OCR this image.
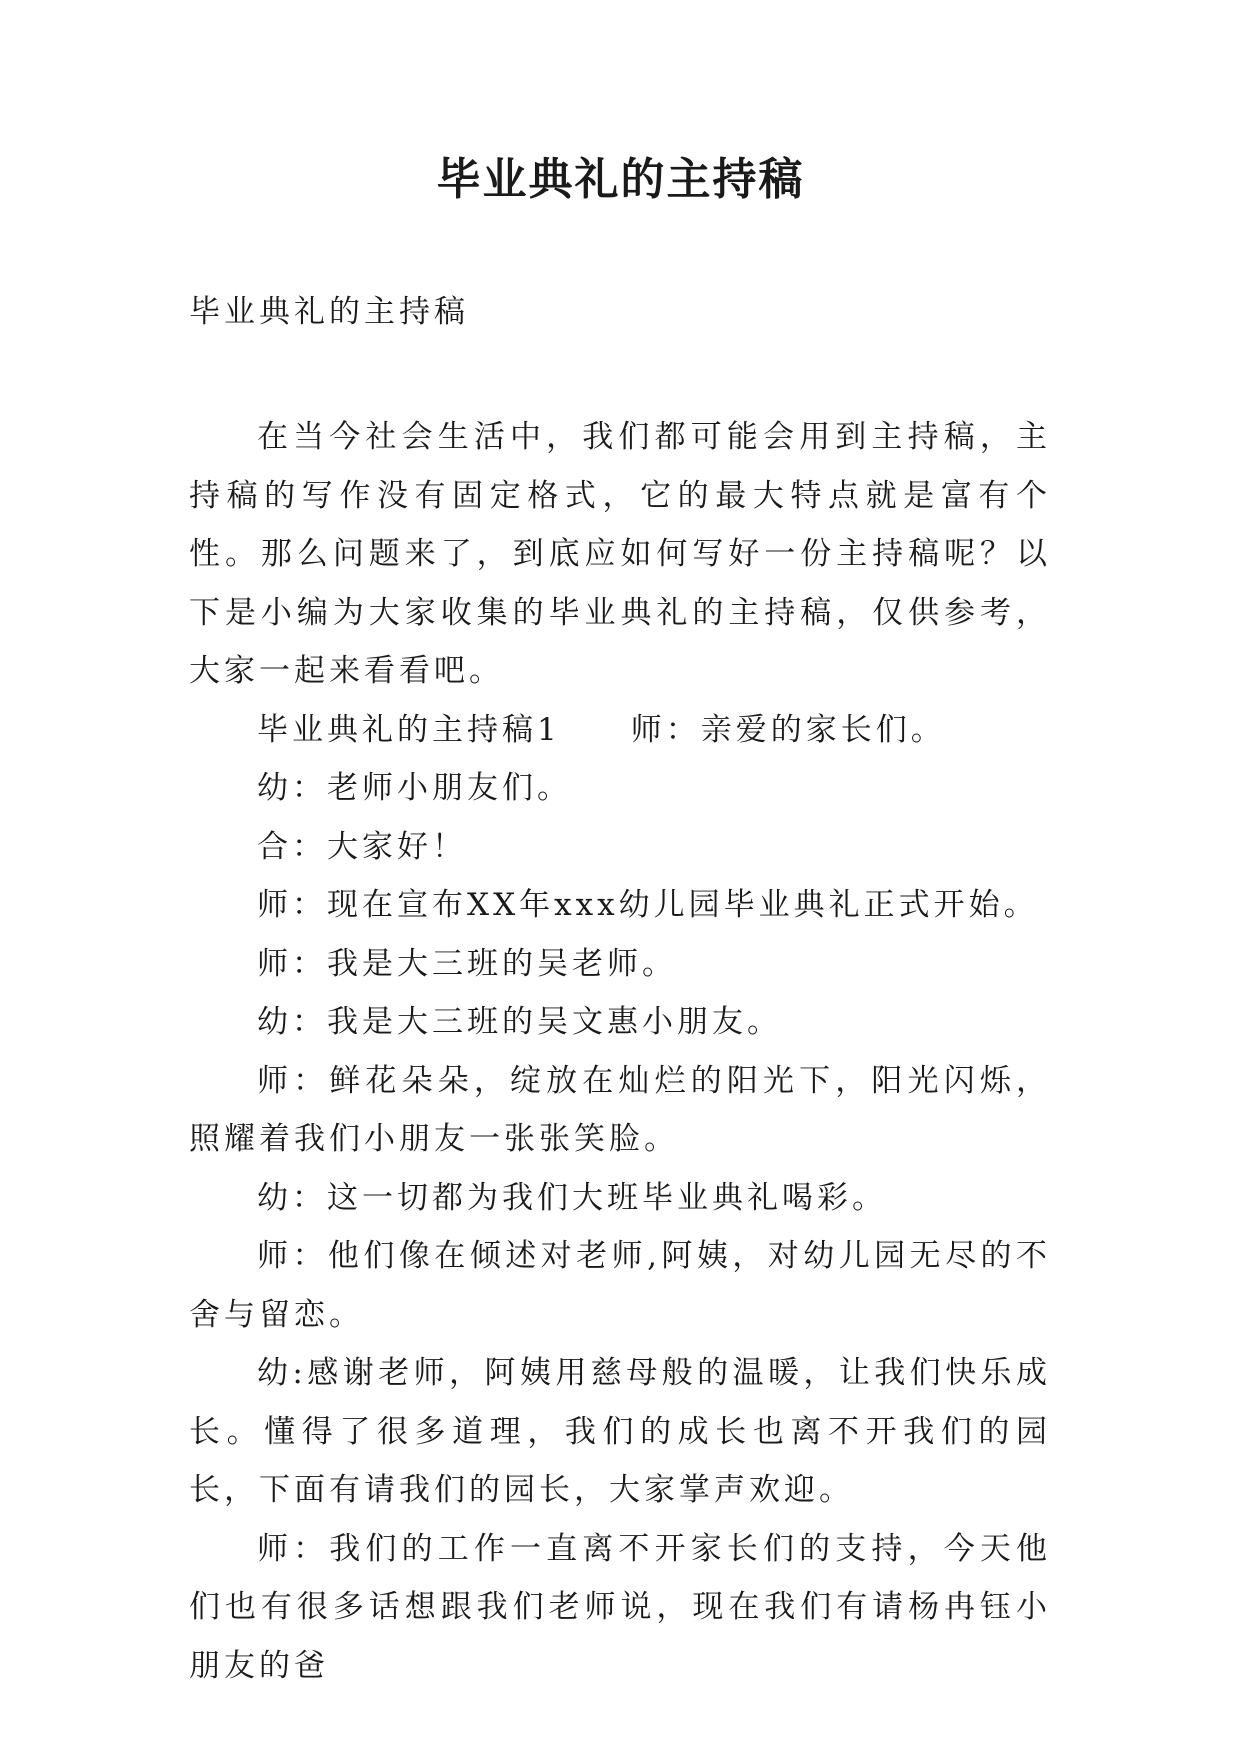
毕业典礼的主持稿

毕业典礼的主持稿

在当今社会生活中，我们都可能会用到主持稿，主持稿的写作没有固定格式，它的最大特点就是富有个性。那么问题来了，到底应如何写好一份主持稿呢？以下是小编为大家收集的毕业典礼的主持稿，仅供参考，大家一起来看看吧。

毕业典礼的主持稿1　　师：亲爱的家长们。

幼：老师小朋友们。

合：大家好！

师：现在宣布XX年xxx幼儿园毕业典礼正式开始。

师：我是大三班的吴老师。

幼：我是大三班的吴文惠小朋友。

师：鲜花朵朵，绽放在灿烂的阳光下，阳光闪烁，照耀着我们小朋友一张张笑脸。

幼：这一切都为我们大班毕业典礼喝彩。

师：他们像在倾述对老师,阿姨，对幼儿园无尽的不舍与留恋。

幼:感谢老师，阿姨用慈母般的温暖，让我们快乐成长。懂得了很多道理，我们的成长也离不开我们的园长，下面有请我们的园长，大家掌声欢迎。

师：我们的工作一直离不开家长们的支持，今天他们也有很多话想跟我们老师说，现在我们有请杨冉钰小朋友的爸
